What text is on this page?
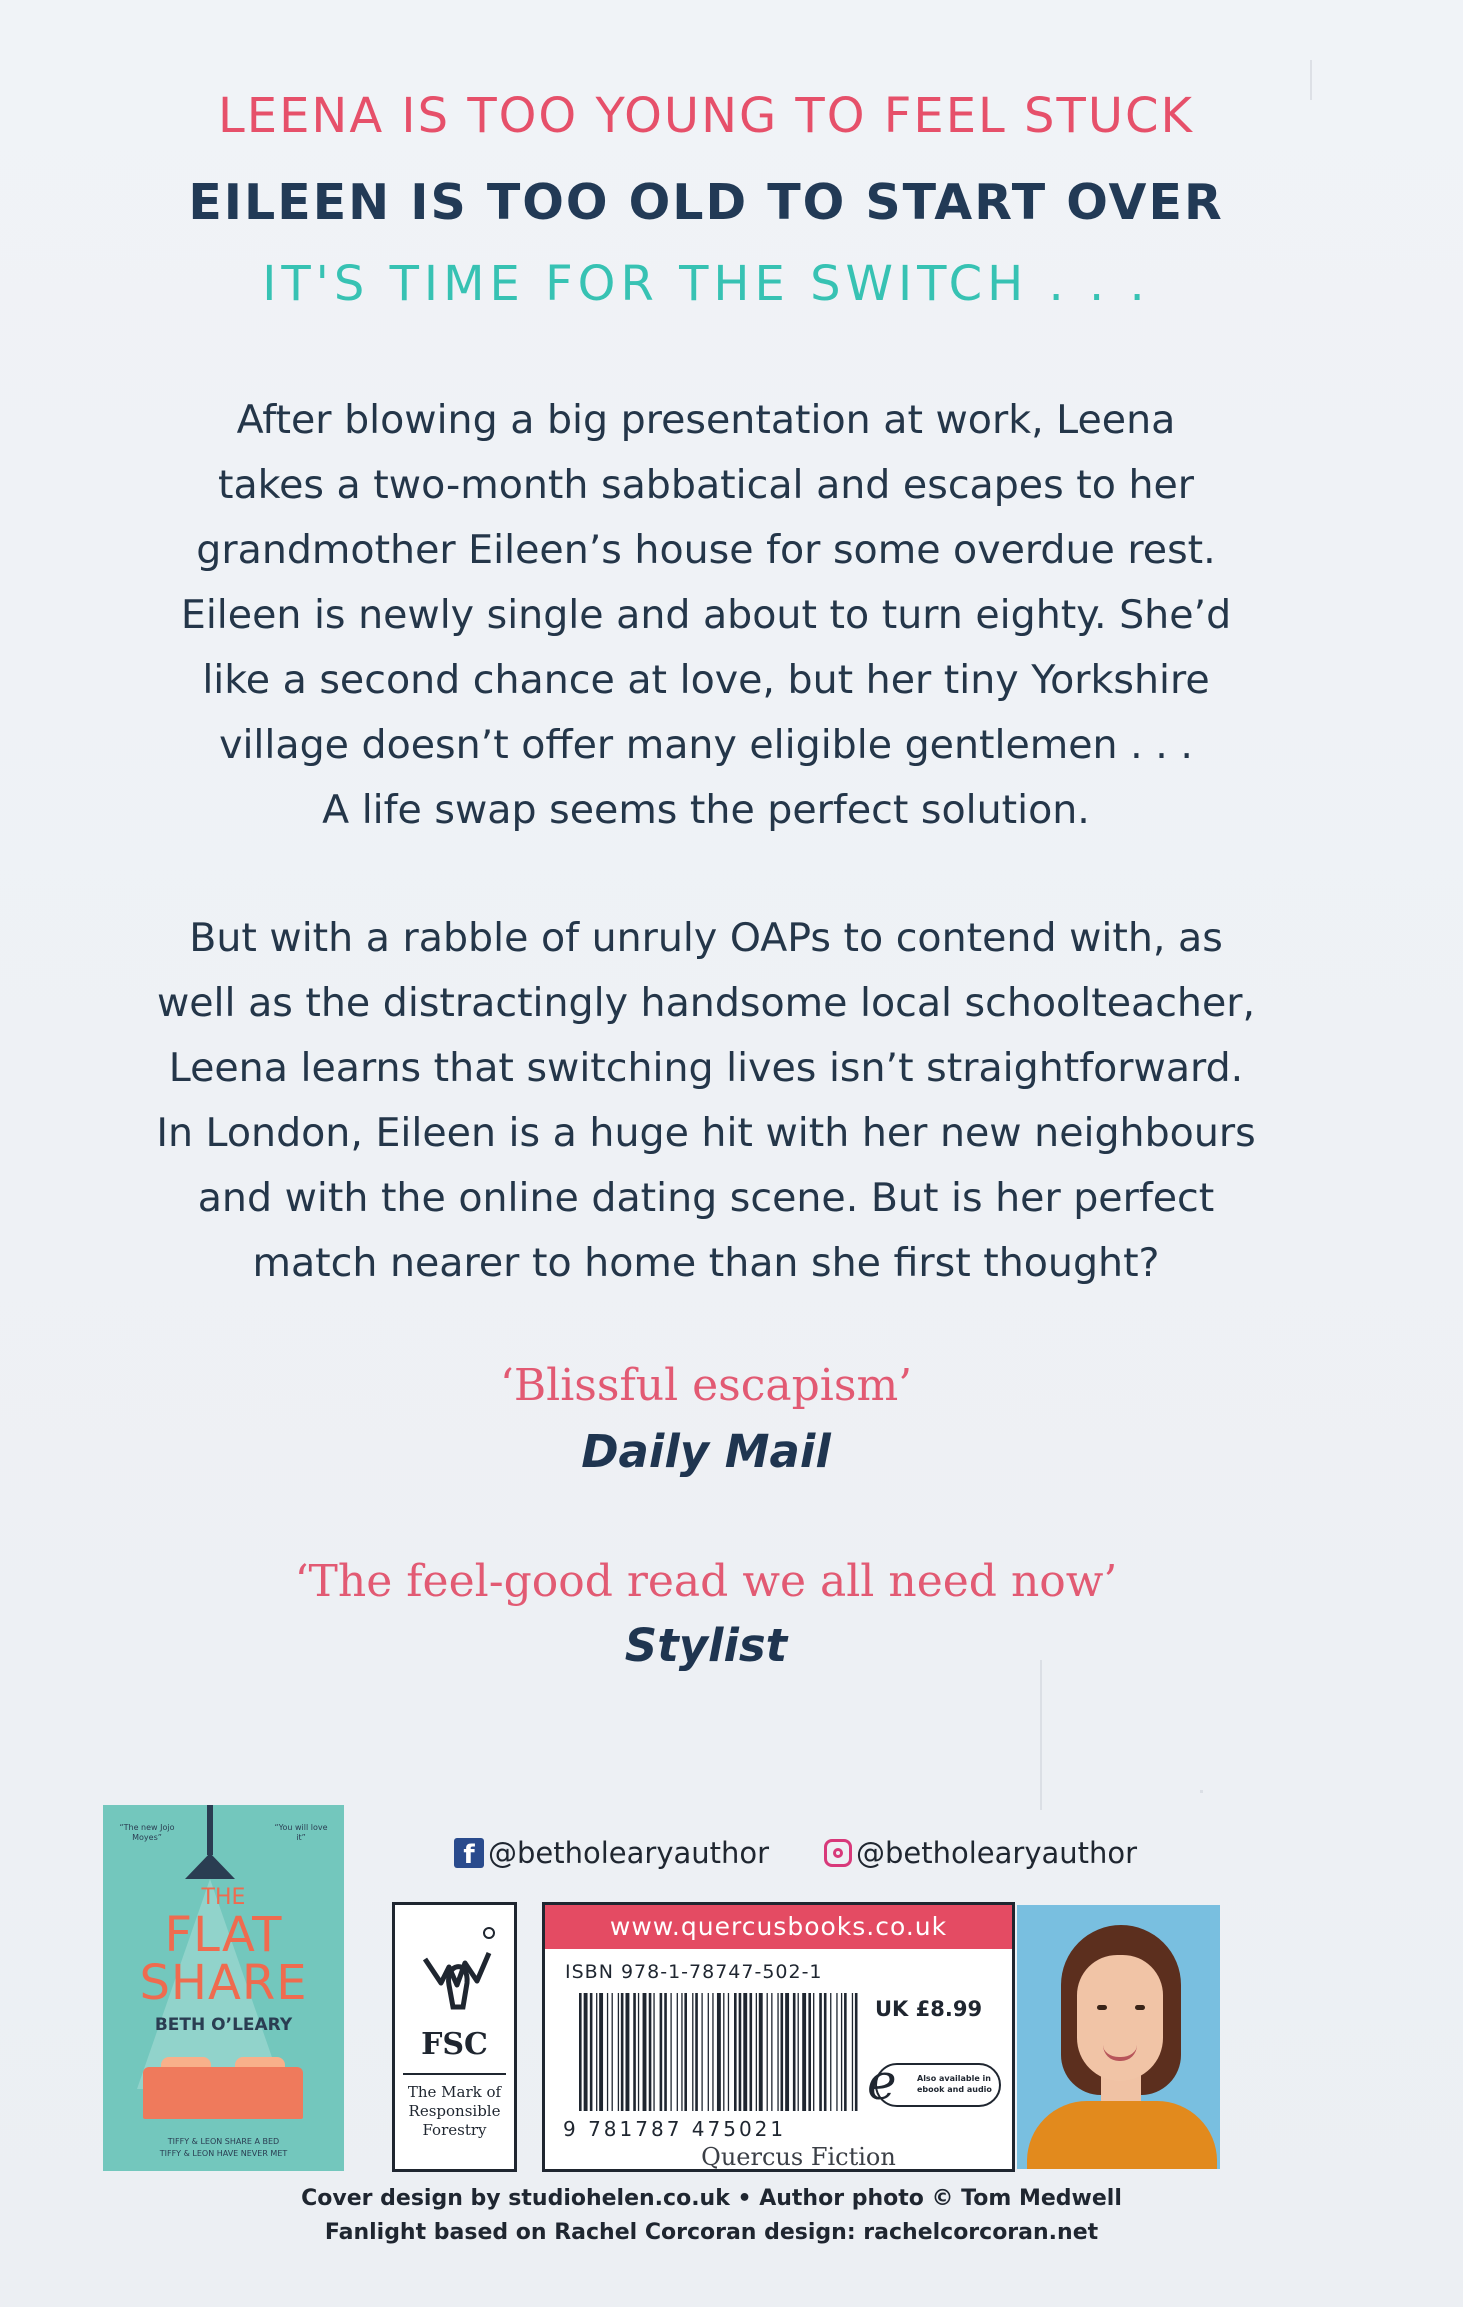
LEENA IS TOO YOUNG TO FEEL STUCK
EILEEN IS TOO OLD TO START OVER
IT'S TIME FOR THE SWITCH . . .
After blowing a big presentation at work, Leena
takes a two-month sabbatical and escapes to her
grandmother Eileen’s house for some overdue rest.
Eileen is newly single and about to turn eighty. She’d
like a second chance at love, but her tiny Yorkshire
village doesn’t offer many eligible gentlemen . . .
A life swap seems the perfect solution.
But with a rabble of unruly OAPs to contend with, as
well as the distractingly handsome local schoolteacher,
Leena learns that switching lives isn’t straightforward.
In London, Eileen is a huge hit with her new neighbours
and with the online dating scene. But is her perfect
match nearer to home than she first thought?
‘Blissful escapism’
Daily Mail
‘The feel-good read we all need now’
Stylist
“The new Jojo Moyes”
“You will love it”
THE
FLAT
SHARE
BETH O’LEARY
TIFFY & LEON SHARE A BED
TIFFY & LEON HAVE NEVER MET
f @betholearyauthor	@betholearyauthor
FSC
The Mark of Responsible Forestry
www.quercusbooks.co.uk
ISBN 978-1-78747-502-1
UK £8.99
9 781787 475021
e	Also available in ebook and audio
Quercus Fiction
Cover design by studiohelen.co.uk • Author photo © Tom Medwell
Fanlight based on Rachel Corcoran design: rachelcorcoran.net
